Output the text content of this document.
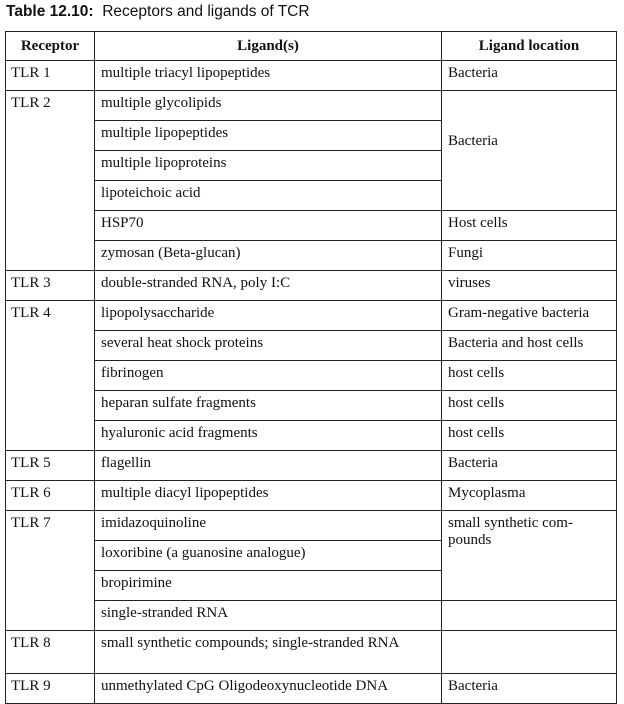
Table 12.10: Receptors and ligands of TCR
Receptor	Ligand(s)	Ligand location
TLR 1	multiple triacyl lipopeptides	Bacteria
TLR 2	multiple glycolipids	Bacteria
	multiple lipopeptides	
	multiple lipoproteins	
	lipoteichoic acid	
	HSP70	Host cells
	zymosan (Beta-glucan)	Fungi
TLR 3	double-stranded RNA, poly I:C	viruses
TLR 4	lipopolysaccharide	Gram-negative bacteria
	several heat shock proteins	Bacteria and host cells
	fibrinogen	host cells
	heparan sulfate fragments	host cells
	hyaluronic acid fragments	host cells
TLR 5	flagellin	Bacteria
TLR 6	multiple diacyl lipopeptides	Mycoplasma
TLR 7	imidazoquinoline	small synthetic com-pounds

	loxoribine (a guanosine analogue)	
	bropirimine	
	single-stranded RNA	
TLR 8	small synthetic compounds; single-stranded RNA	

TLR 9	unmethylated CpG Oligodeoxynucleotide DNA	Bacteria
